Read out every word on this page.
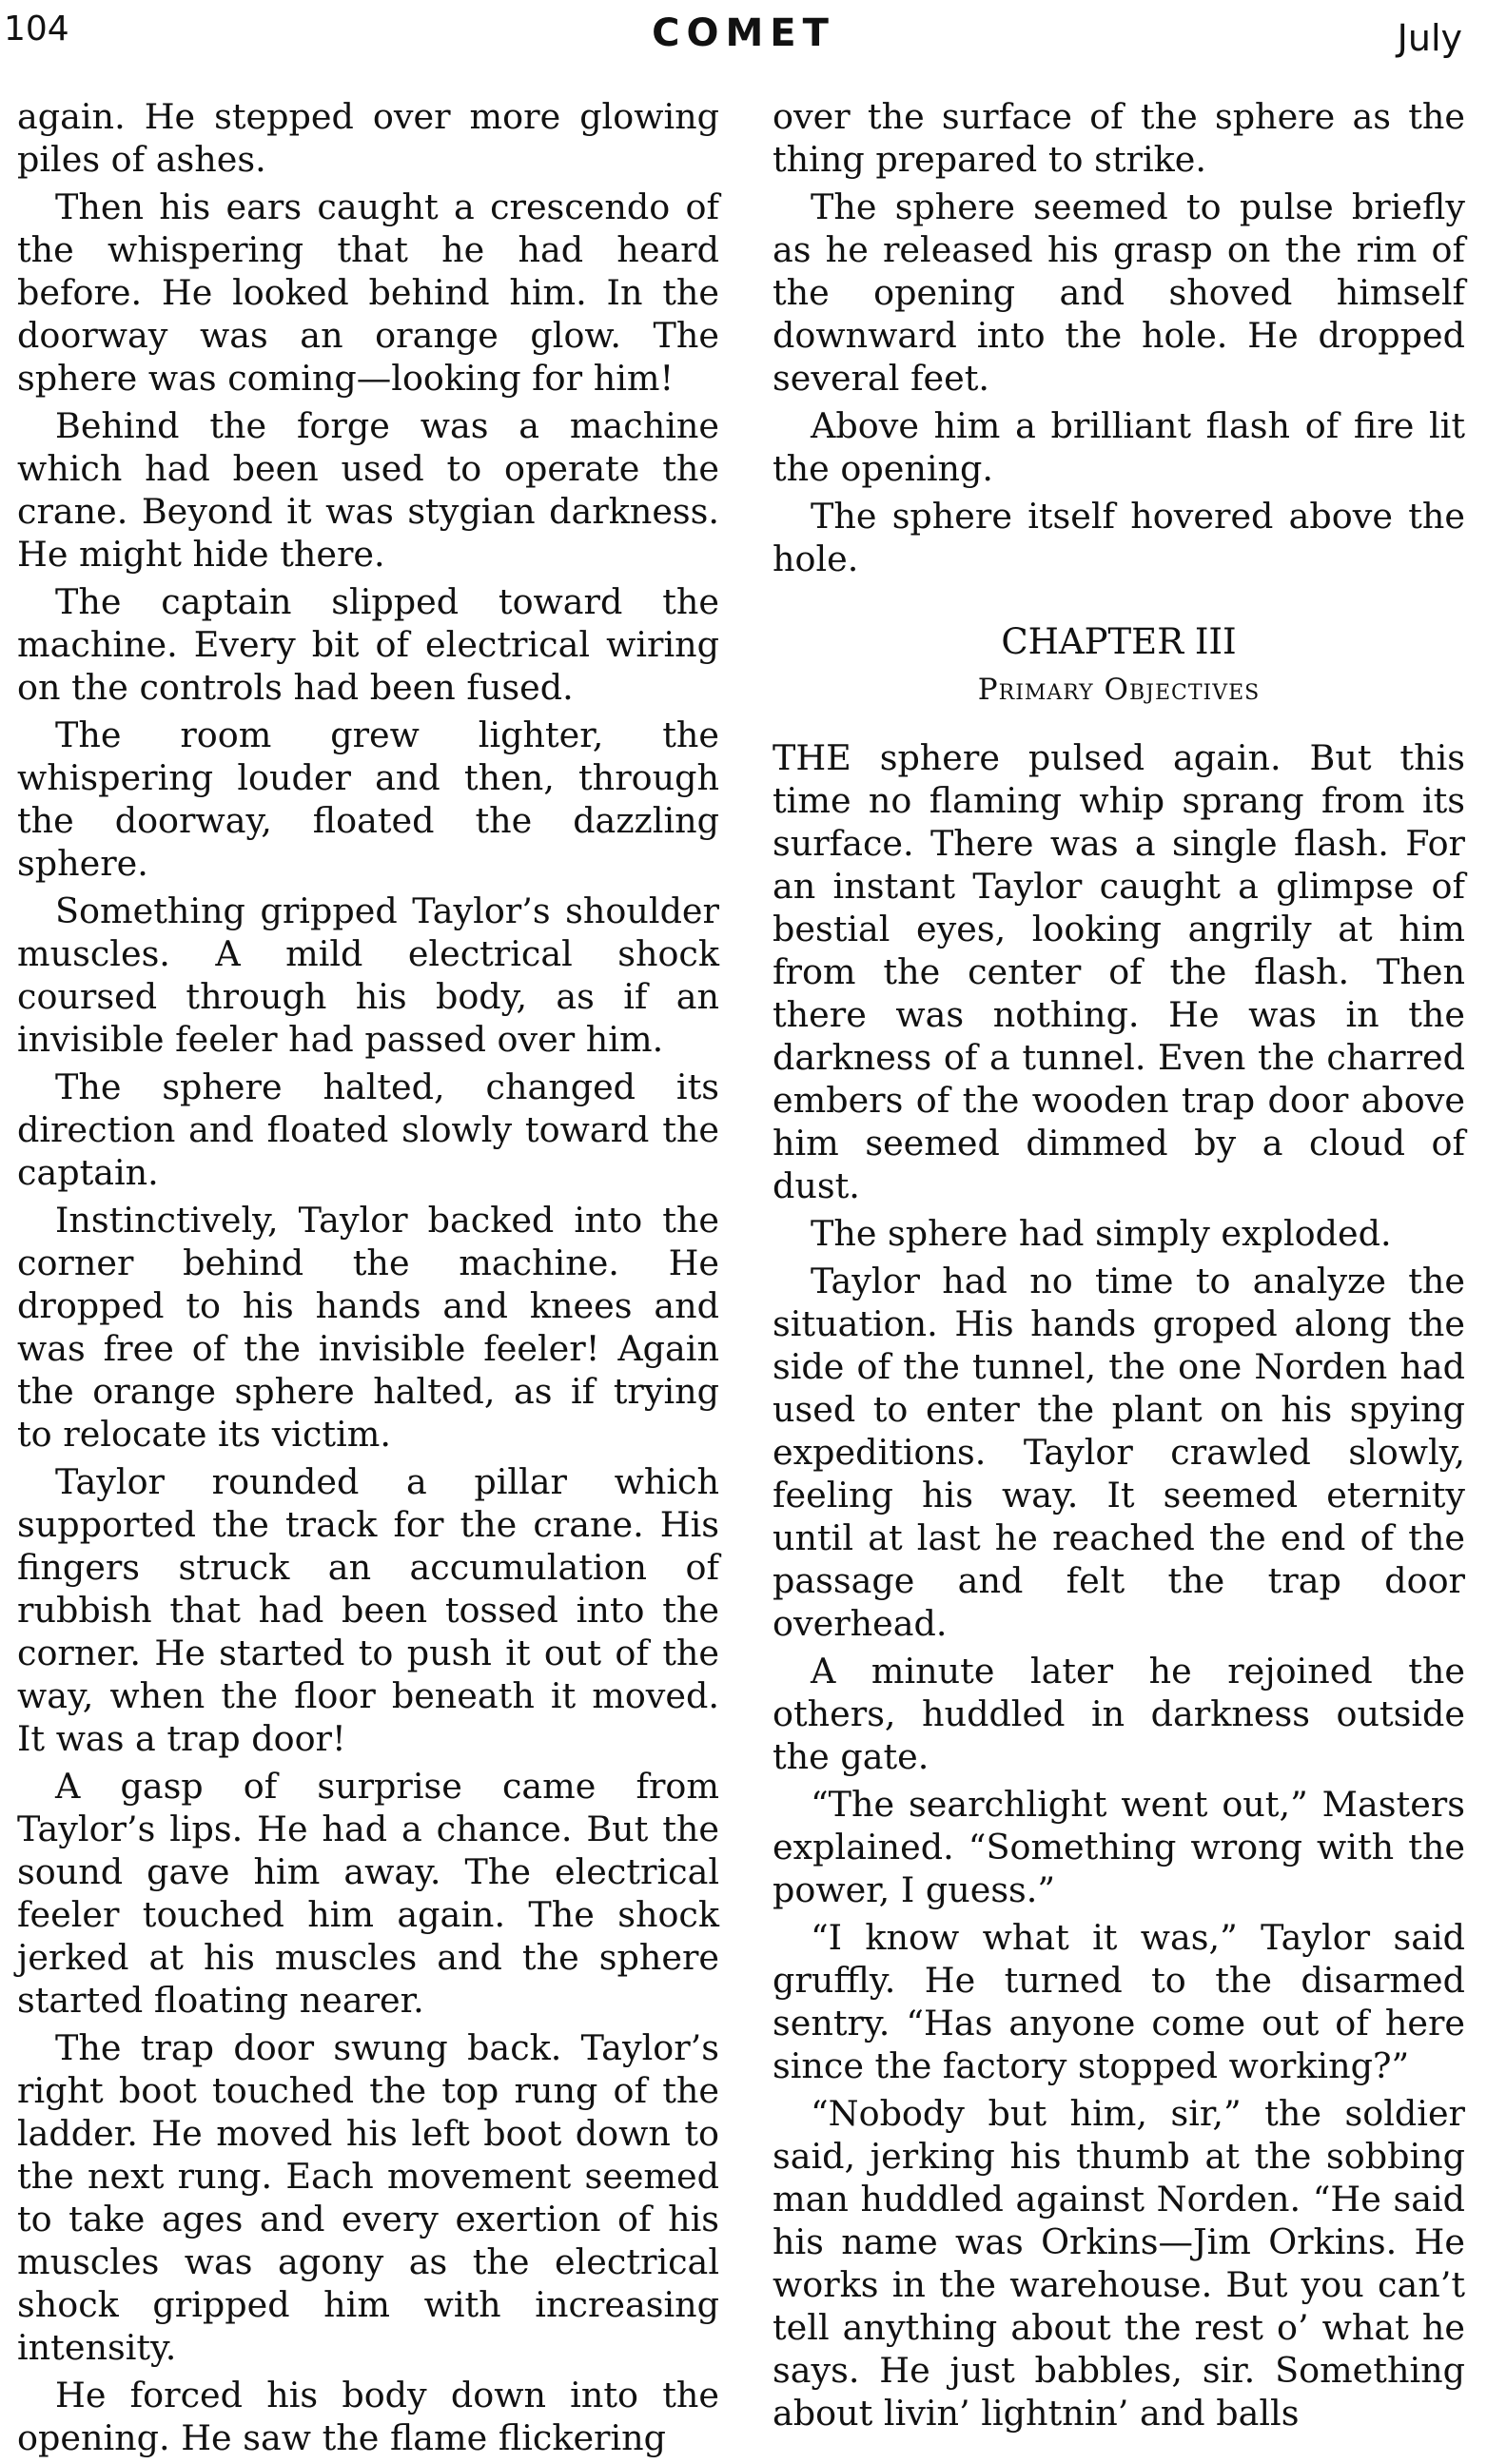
104	COMET	July

again. He stepped over more glowing piles of ashes.

Then his ears caught a crescendo of the whispering that he had heard before. He looked behind him. In the doorway was an orange glow. The sphere was coming—looking for him!

Behind the forge was a machine which had been used to operate the crane. Beyond it was stygian darkness. He might hide there.

The captain slipped toward the machine. Every bit of electrical wiring on the controls had been fused.

The room grew lighter, the whispering louder and then, through the doorway, floated the dazzling sphere.

Something gripped Taylor’s shoulder muscles. A mild electrical shock coursed through his body, as if an invisible feeler had passed over him.

The sphere halted, changed its direction and floated slowly toward the captain.

Instinctively, Taylor backed into the corner behind the machine. He dropped to his hands and knees and was free of the invisible feeler! Again the orange sphere halted, as if trying to relocate its victim.

Taylor rounded a pillar which supported the track for the crane. His fingers struck an accumulation of rubbish that had been tossed into the corner. He started to push it out of the way, when the floor beneath it moved. It was a trap door!

A gasp of surprise came from Taylor’s lips. He had a chance. But the sound gave him away. The electrical feeler touched him again. The shock jerked at his muscles and the sphere started floating nearer.

The trap door swung back. Taylor’s right boot touched the top rung of the ladder. He moved his left boot down to the next rung. Each movement seemed to take ages and every exertion of his muscles was agony as the electrical shock gripped him with increasing intensity.

He forced his body down into the opening. He saw the flame flickering

over the surface of the sphere as the thing prepared to strike.

The sphere seemed to pulse briefly as he released his grasp on the rim of the opening and shoved himself downward into the hole. He dropped several feet.

Above him a brilliant flash of fire lit the opening.

The sphere itself hovered above the hole.

CHAPTER III
Primary Objectives

THE sphere pulsed again. But this time no flaming whip sprang from its surface. There was a single flash. For an instant Taylor caught a glimpse of bestial eyes, looking angrily at him from the center of the flash. Then there was nothing. He was in the darkness of a tunnel. Even the charred embers of the wooden trap door above him seemed dimmed by a cloud of dust.

The sphere had simply exploded.

Taylor had no time to analyze the situation. His hands groped along the side of the tunnel, the one Norden had used to enter the plant on his spying expeditions. Taylor crawled slowly, feeling his way. It seemed eternity until at last he reached the end of the passage and felt the trap door overhead.

A minute later he rejoined the others, huddled in darkness outside the gate.

“The searchlight went out,” Masters explained. “Something wrong with the power, I guess.”

“I know what it was,” Taylor said gruffly. He turned to the disarmed sentry. “Has anyone come out of here since the factory stopped working?”

“Nobody but him, sir,” the soldier said, jerking his thumb at the sobbing man huddled against Norden. “He said his name was Orkins—Jim Orkins. He works in the warehouse. But you can’t tell anything about the rest o’ what he says. He just babbles, sir. Something about livin’ lightnin’ and balls
